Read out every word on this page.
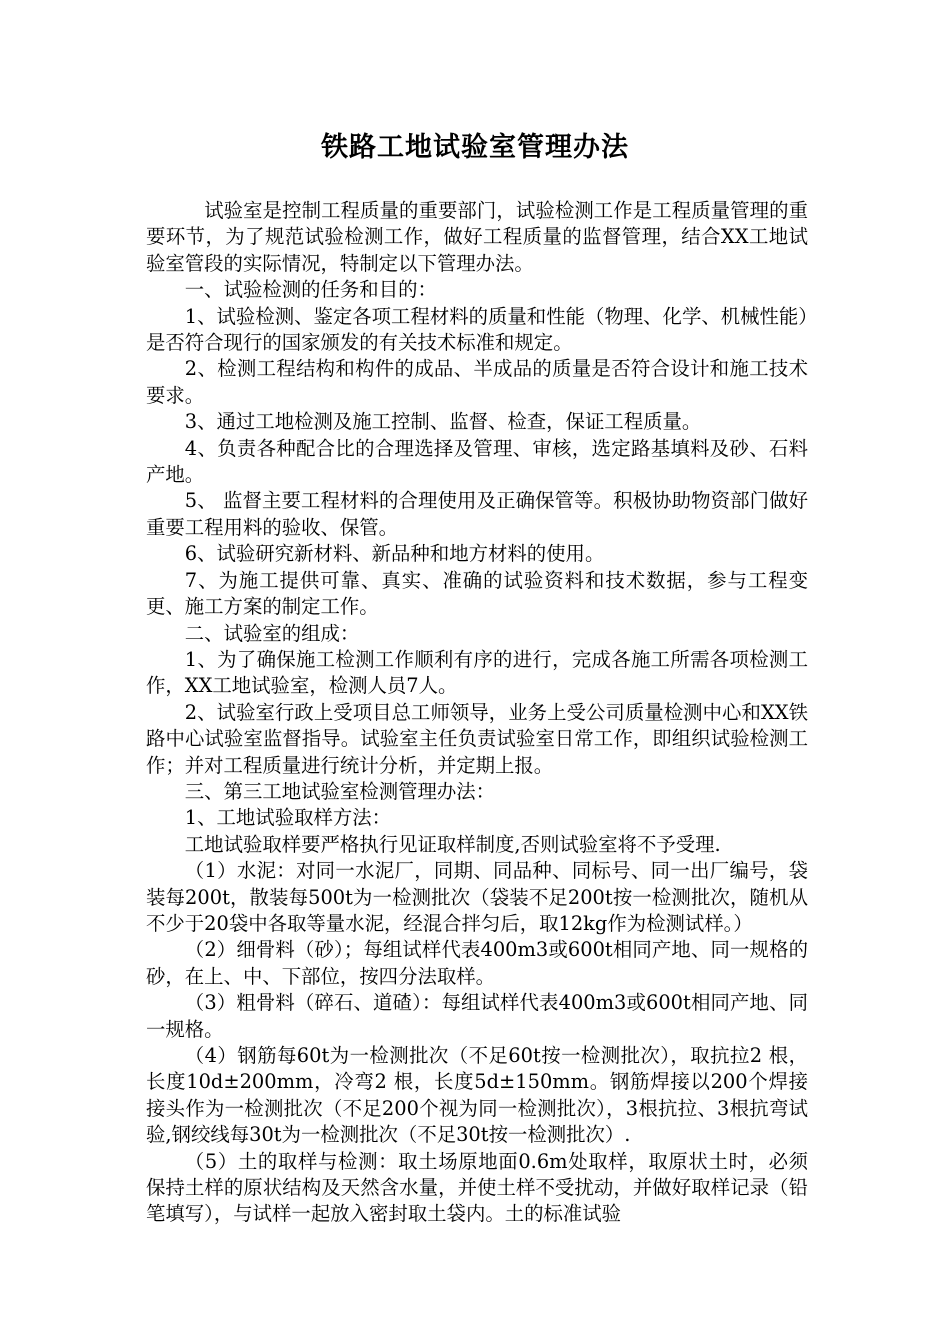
铁路工地试验室管理办法

试验室是控制工程质量的重要部门，试验检测工作是工程质量管理的重要环节，为了规范试验检测工作，做好工程质量的监督管理，结合XX工地试验室管段的实际情况，特制定以下管理办法。

一、试验检测的任务和目的：

1、试验检测、鉴定各项工程材料的质量和性能（物理、化学、机械性能）是否符合现行的国家颁发的有关技术标准和规定。

2、检测工程结构和构件的成品、半成品的质量是否符合设计和施工技术要求。

3、通过工地检测及施工控制、监督、检查，保证工程质量。

4、负责各种配合比的合理选择及管理、审核，选定路基填料及砂、石料产地。

5、 监督主要工程材料的合理使用及正确保管等。积极协助物资部门做好重要工程用料的验收、保管。

6、试验研究新材料、新品种和地方材料的使用。

7、为施工提供可靠、真实、准确的试验资料和技术数据，参与工程变更、施工方案的制定工作。

二、试验室的组成：

1、为了确保施工检测工作顺利有序的进行，完成各施工所需各项检测工作，XX工地试验室，检测人员7人。

2、试验室行政上受项目总工师领导，业务上受公司质量检测中心和XX铁路中心试验室监督指导。试验室主任负责试验室日常工作，即组织试验检测工作；并对工程质量进行统计分析，并定期上报。

三、第三工地试验室检测管理办法：

1、工地试验取样方法：

工地试验取样要严格执行见证取样制度,否则试验室将不予受理.

（1）水泥：对同一水泥厂，同期、同品种、同标号、同一出厂编号，袋装每200t，散装每500t为一检测批次（袋装不足200t按一检测批次，随机从不少于20袋中各取等量水泥，经混合拌匀后，取12kg作为检测试样。）

（2）细骨料（砂）；每组试样代表400m3或600t相同产地、同一规格的砂，在上、中、下部位，按四分法取样。

（3）粗骨料（碎石、道碴）：每组试样代表400m3或600t相同产地、同一规格。

（4）钢筋每60t为一检测批次（不足60t按一检测批次），取抗拉2 根，长度10d±200mm，冷弯2 根，长度5d±150mm。钢筋焊接以200个焊接接头作为一检测批次（不足200个视为同一检测批次），3根抗拉、3根抗弯试验,钢绞线每30t为一检测批次（不足30t按一检测批次）.

（5）土的取样与检测：取土场原地面0.6m处取样，取原状土时，必须保持土样的原状结构及天然含水量，并使土样不受扰动，并做好取样记录（铅笔填写），与试样一起放入密封取土袋内。土的标准试验
